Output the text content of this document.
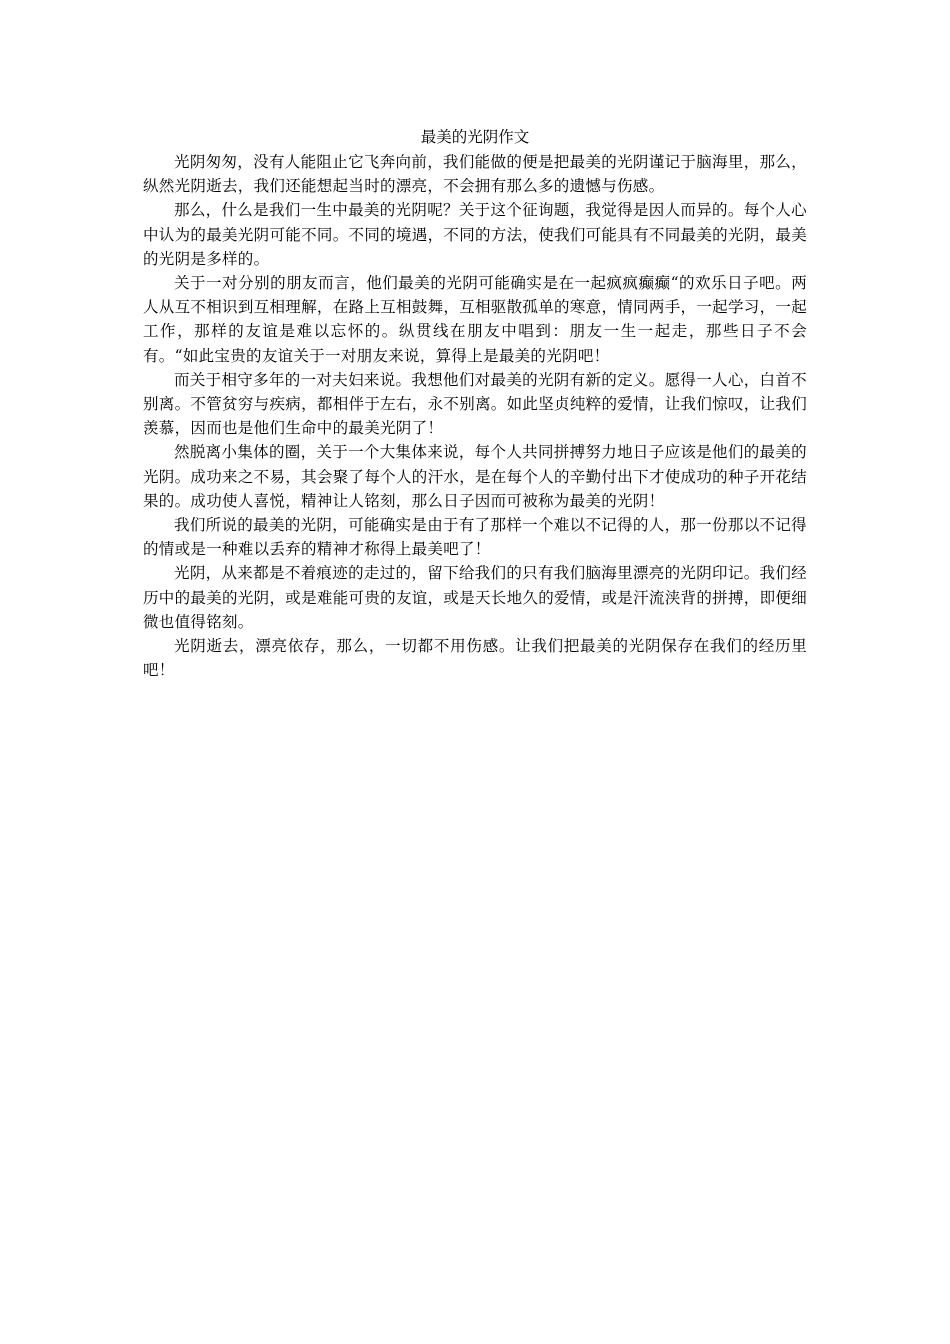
最美的光阴作文

光阴匆匆，没有人能阻止它飞奔向前，我们能做的便是把最美的光阴谨记于脑海里，那么，纵然光阴逝去，我们还能想起当时的漂亮，不会拥有那么多的遗憾与伤感。

那么，什么是我们一生中最美的光阴呢？关于这个征询题，我觉得是因人而异的。每个人心中认为的最美光阴可能不同。不同的境遇，不同的方法，使我们可能具有不同最美的光阴，最美的光阴是多样的。

关于一对分别的朋友而言，他们最美的光阴可能确实是在一起疯疯癫癫“的欢乐日子吧。两人从互不相识到互相理解，在路上互相鼓舞，互相驱散孤单的寒意，情同两手，一起学习，一起工作，那样的友谊是难以忘怀的。纵贯线在朋友中唱到：朋友一生一起走，那些日子不会有。“如此宝贵的友谊关于一对朋友来说，算得上是最美的光阴吧！

而关于相守多年的一对夫妇来说。我想他们对最美的光阴有新的定义。愿得一人心，白首不别离。不管贫穷与疾病，都相伴于左右，永不别离。如此坚贞纯粹的爱情，让我们惊叹，让我们羡慕，因而也是他们生命中的最美光阴了！

然脱离小集体的圈，关于一个大集体来说，每个人共同拼搏努力地日子应该是他们的最美的光阴。成功来之不易，其会聚了每个人的汗水，是在每个人的辛勤付出下才使成功的种子开花结果的。成功使人喜悦，精神让人铭刻，那么日子因而可被称为最美的光阴！

我们所说的最美的光阴，可能确实是由于有了那样一个难以不记得的人，那一份那以不记得的情或是一种难以丢弃的精神才称得上最美吧了！

光阴，从来都是不着痕迹的走过的，留下给我们的只有我们脑海里漂亮的光阴印记。我们经历中的最美的光阴，或是难能可贵的友谊，或是天长地久的爱情，或是汗流浃背的拼搏，即便细微也值得铭刻。

光阴逝去，漂亮依存，那么，一切都不用伤感。让我们把最美的光阴保存在我们的经历里吧！
